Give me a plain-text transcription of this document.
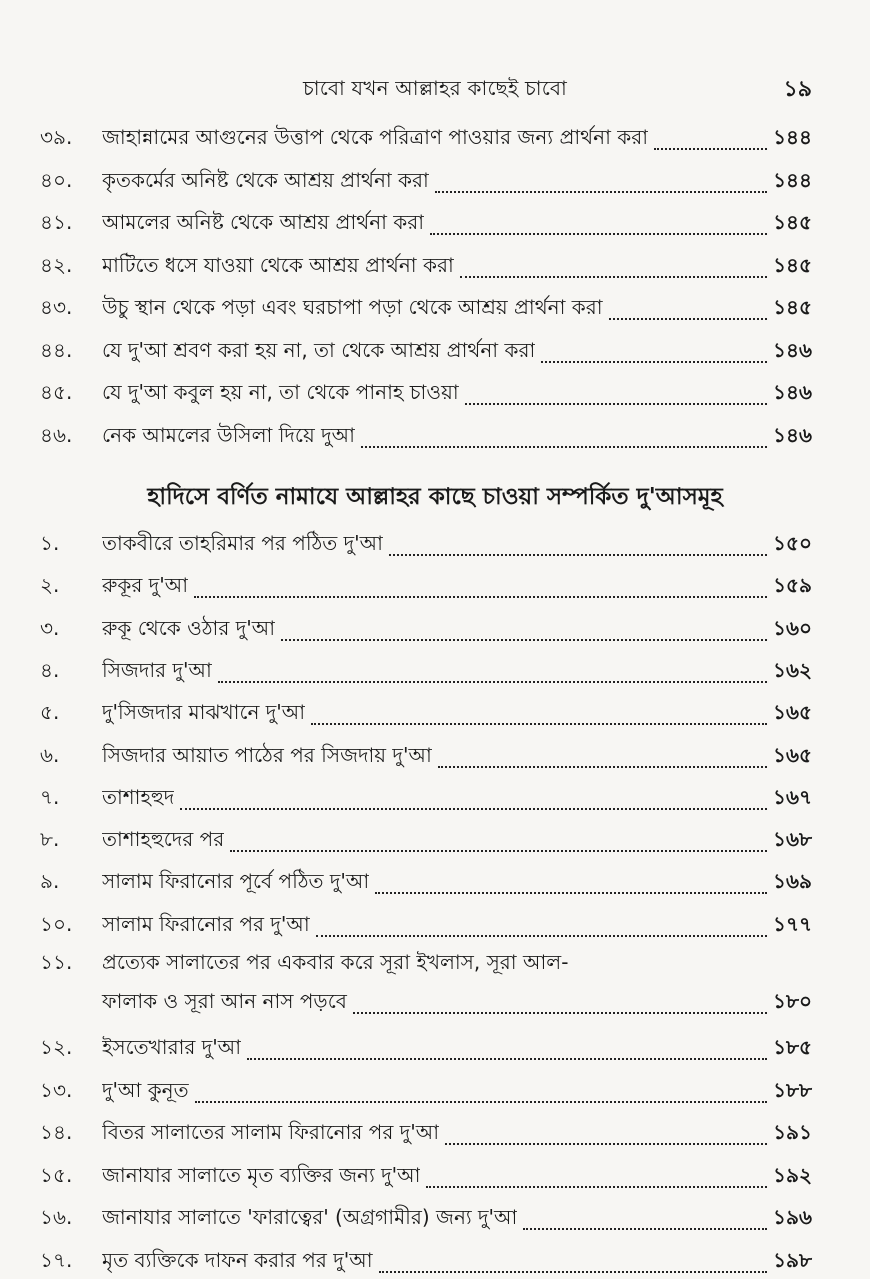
চাবো যখন আল্লাহর কাছেই চাবো	১৯
৩৯.	জাহান্নামের আগুনের উত্তাপ থেকে পরিত্রাণ পাওয়ার জন্য প্রার্থনা করা	১৪৪
৪০.	কৃতকর্মের অনিষ্ট থেকে আশ্রয় প্রার্থনা করা	১৪৪
৪১.	আমলের অনিষ্ট থেকে আশ্রয় প্রার্থনা করা	১৪৫
৪২.	মাটিতে ধসে যাওয়া থেকে আশ্রয় প্রার্থনা করা	১৪৫
৪৩.	উচু স্থান থেকে পড়া এবং ঘরচাপা পড়া থেকে আশ্রয় প্রার্থনা করা	১৪৫
৪৪.	যে দু'আ শ্রবণ করা হয় না, তা থেকে আশ্রয় প্রার্থনা করা	১৪৬
৪৫.	যে দু'আ কবুল হয় না, তা থেকে পানাহ চাওয়া	১৪৬
৪৬.	নেক আমলের উসিলা দিয়ে দুআ	১৪৬
হাদিসে বর্ণিত নামাযে আল্লাহর কাছে চাওয়া সম্পর্কিত দু'আসমূহ
১.	তাকবীরে তাহরিমার পর পঠিত দু'আ	১৫০
২.	রুকূর দু'আ	১৫৯
৩.	রুকূ থেকে ওঠার দু'আ	১৬০
৪.	সিজদার দু'আ	১৬২
৫.	দু'সিজদার মাঝখানে দু'আ	১৬৫
৬.	সিজদার আয়াত পাঠের পর সিজদায় দু'আ	১৬৫
৭.	তাশাহহুদ	১৬৭
৮.	তাশাহহুদের পর	১৬৮
৯.	সালাম ফিরানোর পূর্বে পঠিত দু'আ	১৬৯
১০.	সালাম ফিরানোর পর দু'আ	১৭৭
১১. প্রত্যেক সালাতের পর একবার করে সূরা ইখলাস, সূরা আল-
ফালাক ও সূরা আন নাস পড়বে	১৮০
১২.	ইসতেখারার দু'আ	১৮৫
১৩.	দু'আ কুনূত	১৮৮
১৪.	বিতর সালাতের সালাম ফিরানোর পর দু'আ	১৯১
১৫.	জানাযার সালাতে মৃত ব্যক্তির জন্য দু'আ	১৯২
১৬.	জানাযার সালাতে 'ফারাত্বের' (অগ্রগামীর) জন্য দু'আ	১৯৬
১৭.	মৃত ব্যক্তিকে দাফন করার পর দু'আ	১৯৮
